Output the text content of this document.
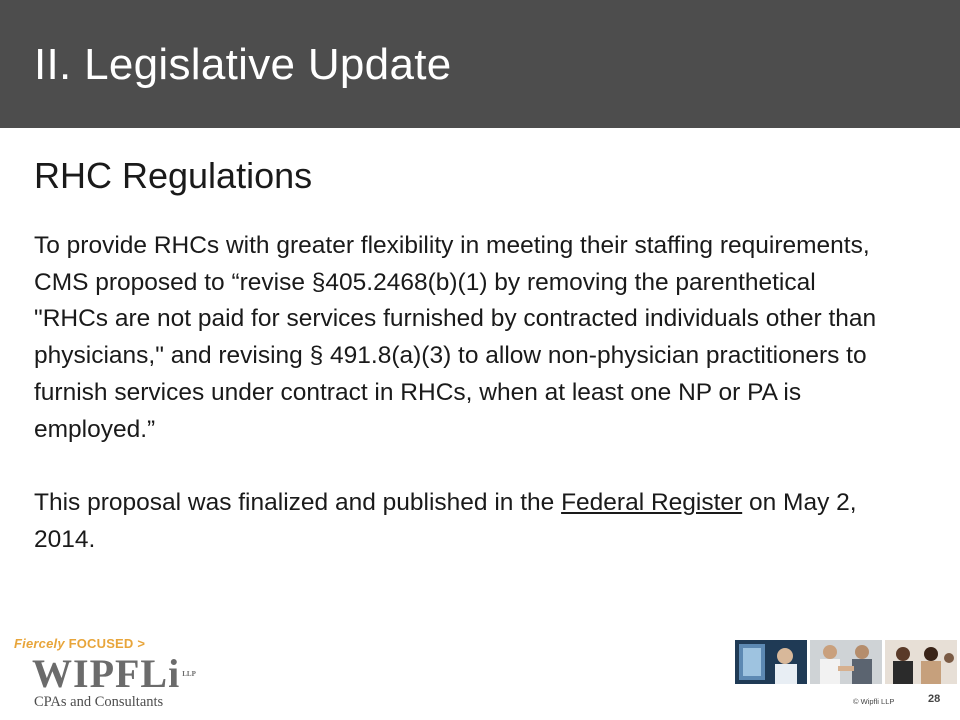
II. Legislative Update
RHC Regulations

To provide RHCs with greater flexibility in meeting their staffing requirements, CMS proposed to “revise §405.2468(b)(1) by removing the parenthetical "RHCs are not paid for services furnished by contracted individuals other than physicians," and revising § 491.8(a)(3) to allow non-physician practitioners to furnish services under contract in RHCs, when at least one NP or PA is employed.”

This proposal was finalized and published in the Federal Register on May 2, 2014.

Fiercely FOCUSED >
WIPFLi $^{LLP}$
CPAs and Consultants	© Wipfli LLP	28
